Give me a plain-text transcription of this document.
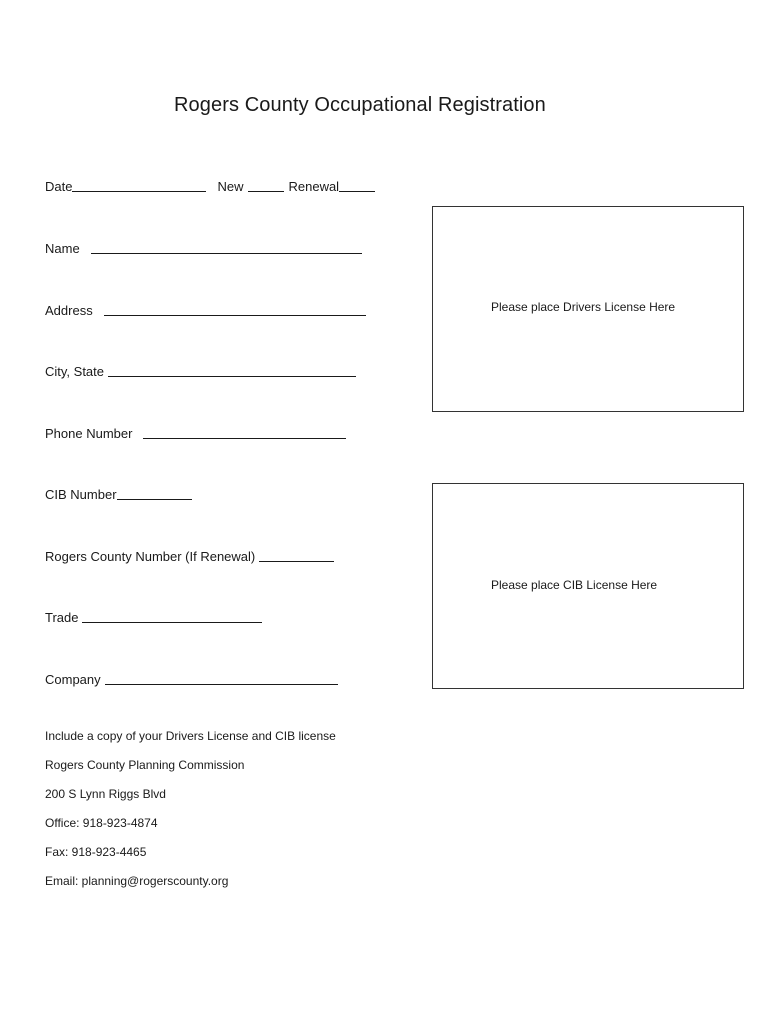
Rogers County Occupational Registration
Date	New	Renewal
Name
Address
City, State
Phone Number
CIB Number
Rogers County Number (If Renewal)
Trade
Company
Please place Drivers License Here
Please place CIB License Here
Include a copy of your Drivers License and CIB license
Rogers County Planning Commission
200 S Lynn Riggs Blvd
Office: 918-923-4874
Fax: 918-923-4465
Email: planning@rogerscounty.org
